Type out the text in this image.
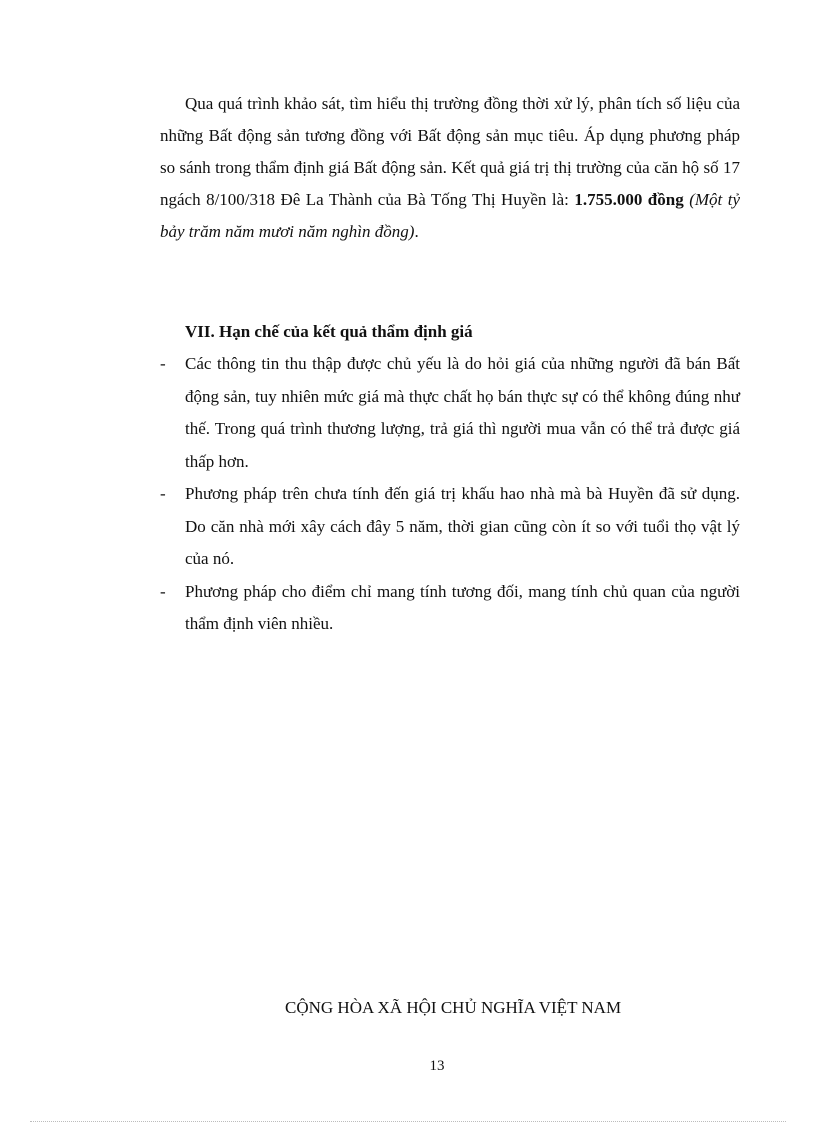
Qua quá trình khảo sát, tìm hiểu thị trường đồng thời xử lý, phân tích số liệu của những Bất động sản tương đồng với Bất động sản mục tiêu. Áp dụng phương pháp so sánh trong thẩm định giá Bất động sản. Kết quả giá trị thị trường của căn hộ số 17 ngách 8/100/318 Đê La Thành của Bà Tống Thị Huyền là: 1.755.000 đồng (Một tỷ bảy trăm năm mươi năm nghìn đồng).

VII. Hạn chế của kết quả thẩm định giá
- Các thông tin thu thập được chủ yếu là do hỏi giá của những người đã bán Bất động sản, tuy nhiên mức giá mà thực chất họ bán thực sự có thể không đúng như thế. Trong quá trình thương lượng, trả giá thì người mua vẫn có thể trả được giá thấp hơn.
- Phương pháp trên chưa tính đến giá trị khấu hao nhà mà bà Huyền đã sử dụng. Do căn nhà mới xây cách đây 5 năm, thời gian cũng còn ít so với tuổi thọ vật lý của nó.
- Phương pháp cho điểm chỉ mang tính tương đối, mang tính chủ quan của người thẩm định viên nhiều.
CỘNG HÒA XÃ HỘI CHỦ NGHĨA VIỆT NAM
13
